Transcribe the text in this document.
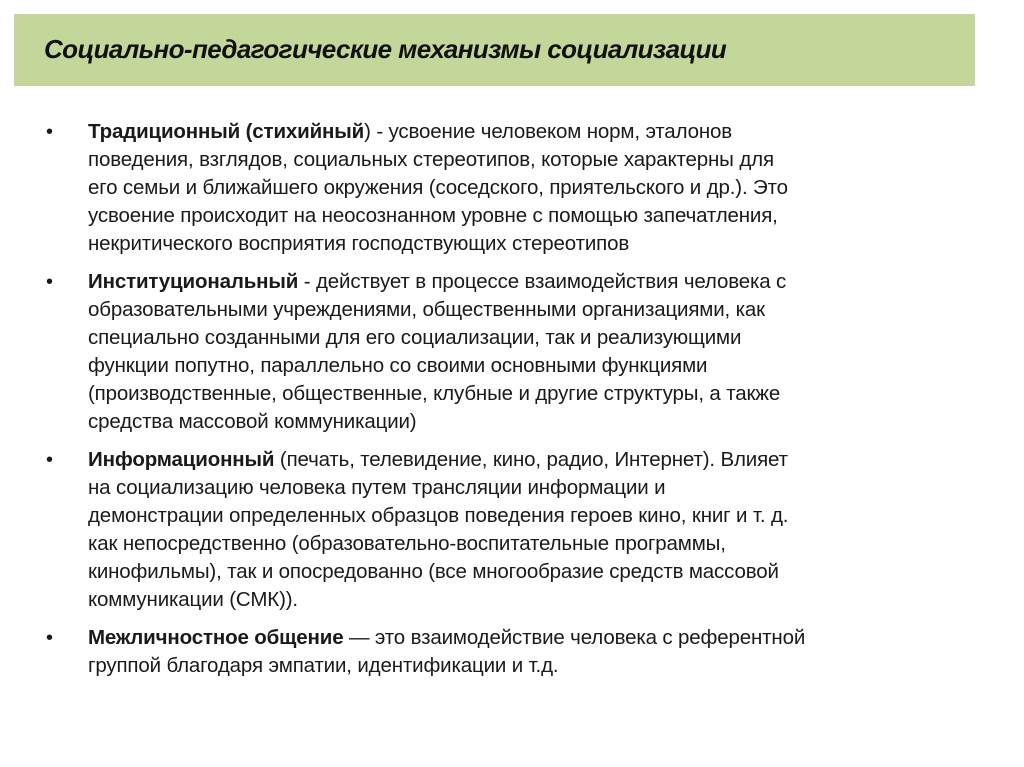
Социально-педагогические механизмы социализации
• Традиционный (стихийный) - усвоение человеком норм, эталонов
поведения, взглядов, социальных стереотипов, которые характерны для
его семьи и ближайшего окружения (соседского, приятельского и др.). Это
усвоение происходит на неосознанном уровне с помощью запечатления,
некритического восприятия господствующих стереотипов
• Институциональный - действует в процессе взаимодействия человека с
образовательными учреждениями, общественными организациями, как
специально созданными для его социализации, так и реализующими
функции попутно, параллельно со своими основными функциями
(производственные, общественные, клубные и другие структуры, а также
средства массовой коммуникации)
• Информационный (печать, телевидение, кино, радио, Интернет). Влияет
на социализацию человека путем трансляции информации и
демонстрации определенных образцов поведения героев кино, книг и т. д.
как непосредственно (образовательно-воспитательные программы,
кинофильмы), так и опосредованно (все многообразие средств массовой
коммуникации (СМК)).
• Межличностное общение — это взаимодействие человека с референтной
группой благодаря эмпатии, идентификации и т.д.
